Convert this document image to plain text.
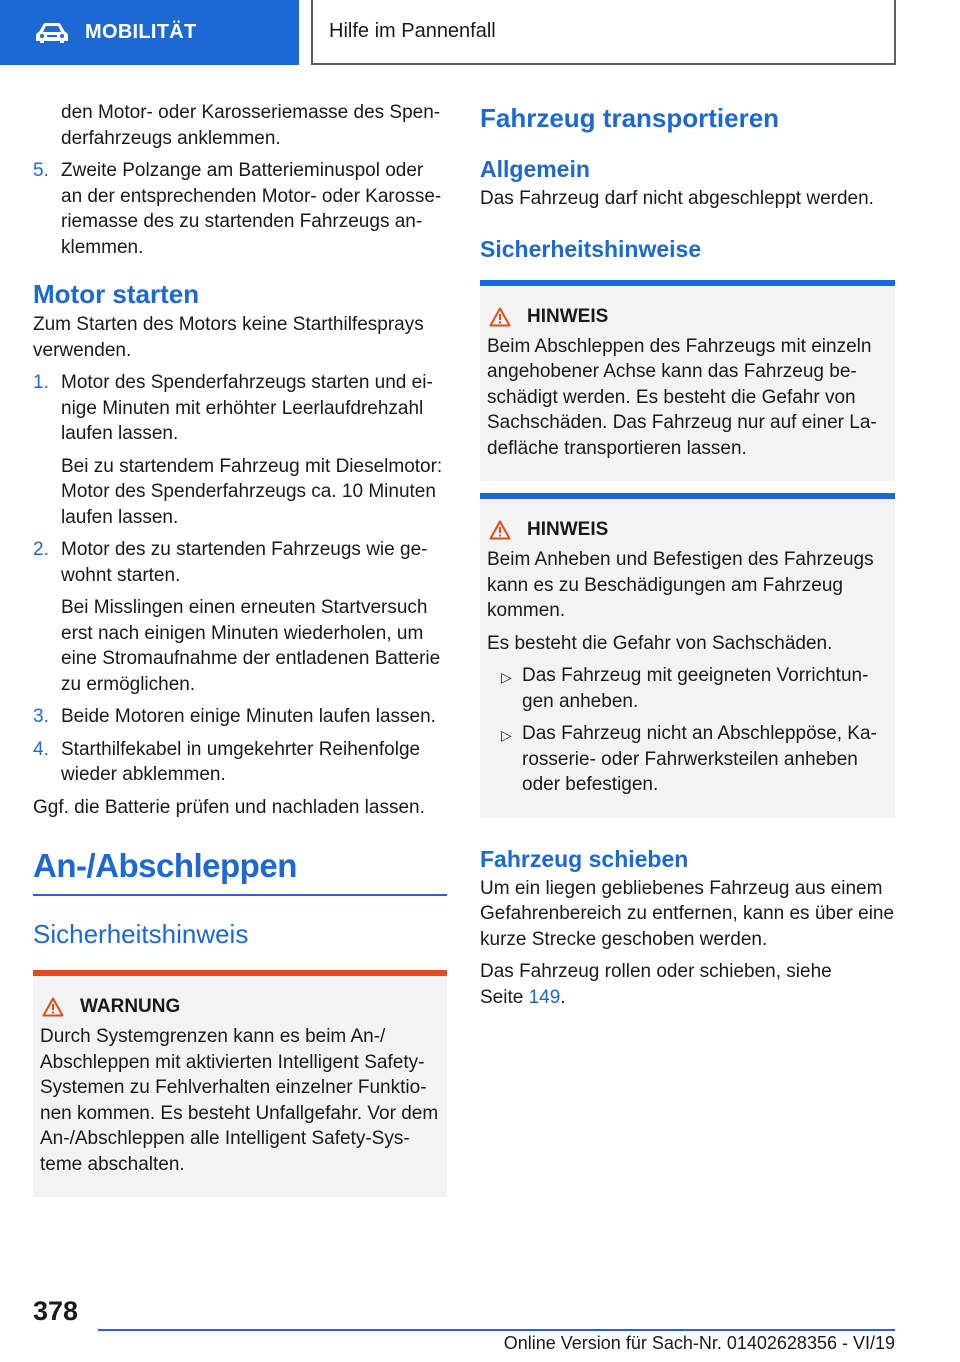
MOBILITÄT	Hilfe im Pannenfall
den Motor- oder Karosseriemasse des Spen-
derfahrzeugs anklemmen.
5. Zweite Polzange am Batterieminuspol oder
an der entsprechenden Motor- oder Karosse-
riemasse des zu startenden Fahrzeugs an-
klemmen.
Motor starten

Zum Starten des Motors keine Starthilfesprays
verwenden.

1. Motor des Spenderfahrzeugs starten und ei-
nige Minuten mit erhöhter Leerlaufdrehzahl
laufen lassen.
Bei zu startendem Fahrzeug mit Dieselmotor:
Motor des Spenderfahrzeugs ca. 10 Minuten
laufen lassen.
2. Motor des zu startenden Fahrzeugs wie ge-
wohnt starten.
Bei Misslingen einen erneuten Startversuch
erst nach einigen Minuten wiederholen, um
eine Stromaufnahme der entladenen Batterie
zu ermöglichen.
3. Beide Motoren einige Minuten laufen lassen.
4. Starthilfekabel in umgekehrter Reihenfolge
wieder abklemmen.

Ggf. die Batterie prüfen und nachladen lassen.

An-/Abschleppen
Sicherheitshinweis
WARNUNG

Durch Systemgrenzen kann es beim An-/
Abschleppen mit aktivierten Intelligent Safety-
Systemen zu Fehlverhalten einzelner Funktio-
nen kommen. Es besteht Unfallgefahr. Vor dem
An-/Abschleppen alle Intelligent Safety-Sys-
teme abschalten.

Fahrzeug transportieren
Allgemein

Das Fahrzeug darf nicht abgeschleppt werden.

Sicherheitshinweise
HINWEIS

Beim Abschleppen des Fahrzeugs mit einzeln
angehobener Achse kann das Fahrzeug be-
schädigt werden. Es besteht die Gefahr von
Sachschäden. Das Fahrzeug nur auf einer La-
defläche transportieren lassen.

HINWEIS

Beim Anheben und Befestigen des Fahrzeugs
kann es zu Beschädigungen am Fahrzeug
kommen.

Es besteht die Gefahr von Sachschäden.

▷ Das Fahrzeug mit geeigneten Vorrichtun-
gen anheben.
▷ Das Fahrzeug nicht an Abschleppöse, Ka-
rosserie- oder Fahrwerksteilen anheben
oder befestigen.
Fahrzeug schieben

Um ein liegen gebliebenes Fahrzeug aus einem
Gefahrenbereich zu entfernen, kann es über eine
kurze Strecke geschoben werden.

Das Fahrzeug rollen oder schieben, siehe
Seite 149.

378
Online Version für Sach-Nr. 01402628356 - VI/19
